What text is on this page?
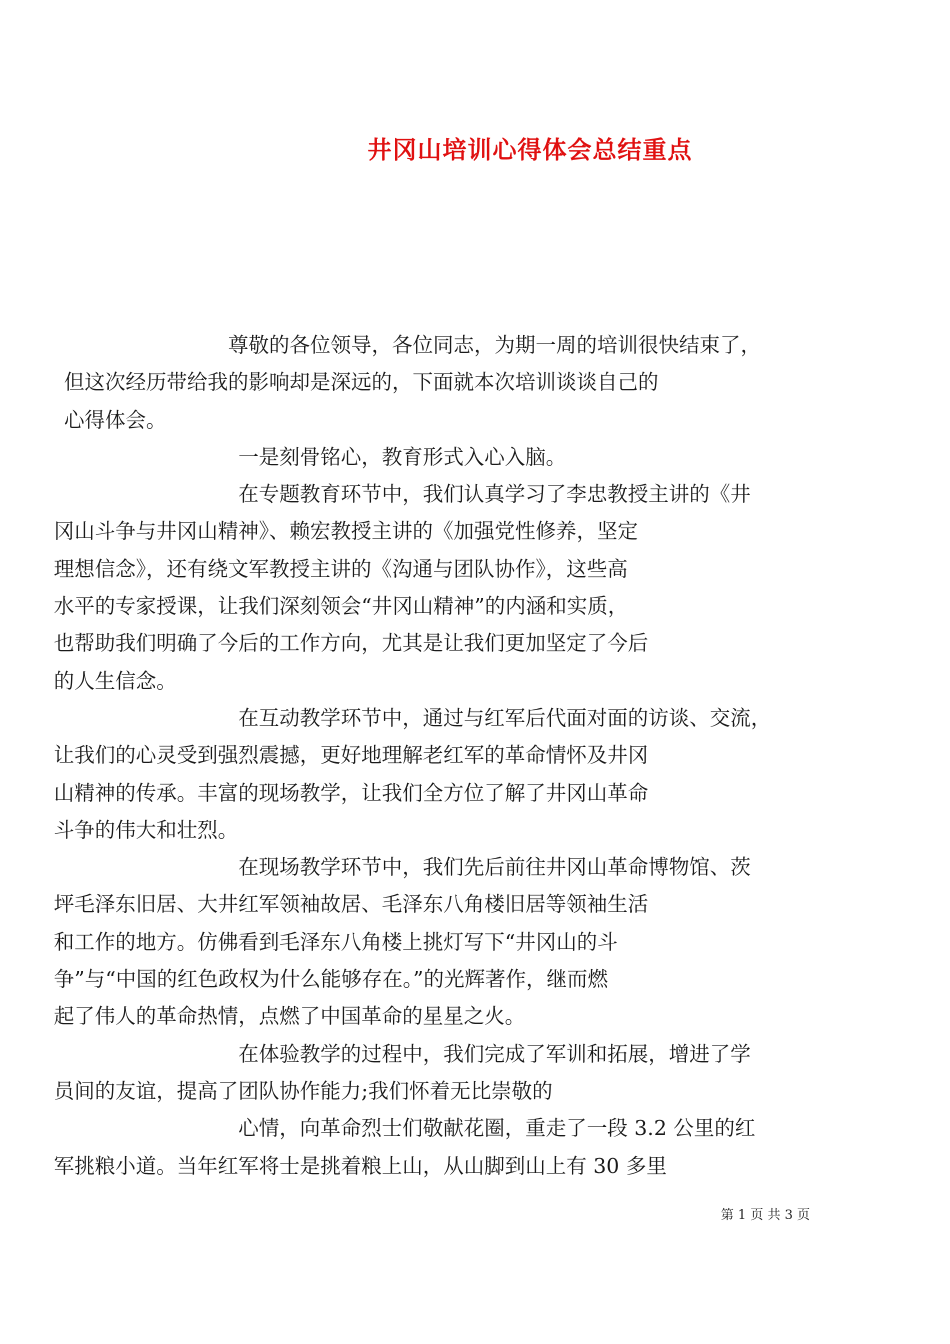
井冈山培训心得体会总结重点

尊敬的各位领导，各位同志，为期一周的培训很快结束了，
但这次经历带给我的影响却是深远的，下面就本次培训谈谈自己的
心得体会。

一是刻骨铭心，教育形式入心入脑。

在专题教育环节中，我们认真学习了李忠教授主讲的《井
冈山斗争与井冈山精神》、赖宏教授主讲的《加强党性修养，坚定
理想信念》，还有绕文军教授主讲的《沟通与团队协作》，这些高
水平的专家授课，让我们深刻领会“井冈山精神”的内涵和实质，
也帮助我们明确了今后的工作方向，尤其是让我们更加坚定了今后
的人生信念。

在互动教学环节中，通过与红军后代面对面的访谈、交流，
让我们的心灵受到强烈震撼，更好地理解老红军的革命情怀及井冈
山精神的传承。丰富的现场教学，让我们全方位了解了井冈山革命
斗争的伟大和壮烈。

在现场教学环节中，我们先后前往井冈山革命博物馆、茨
坪毛泽东旧居、大井红军领袖故居、毛泽东八角楼旧居等领袖生活
和工作的地方。仿佛看到毛泽东八角楼上挑灯写下“井冈山的斗
争”与“中国的红色政权为什么能够存在。”的光辉著作，继而燃
起了伟人的革命热情，点燃了中国革命的星星之火。

在体验教学的过程中，我们完成了军训和拓展，增进了学
员间的友谊，提高了团队协作能力;我们怀着无比崇敬的

心情，向革命烈士们敬献花圈，重走了一段 3.2 公里的红
军挑粮小道。当年红军将士是挑着粮上山，从山脚到山上有 30 多里

第 1 页 共 3 页
